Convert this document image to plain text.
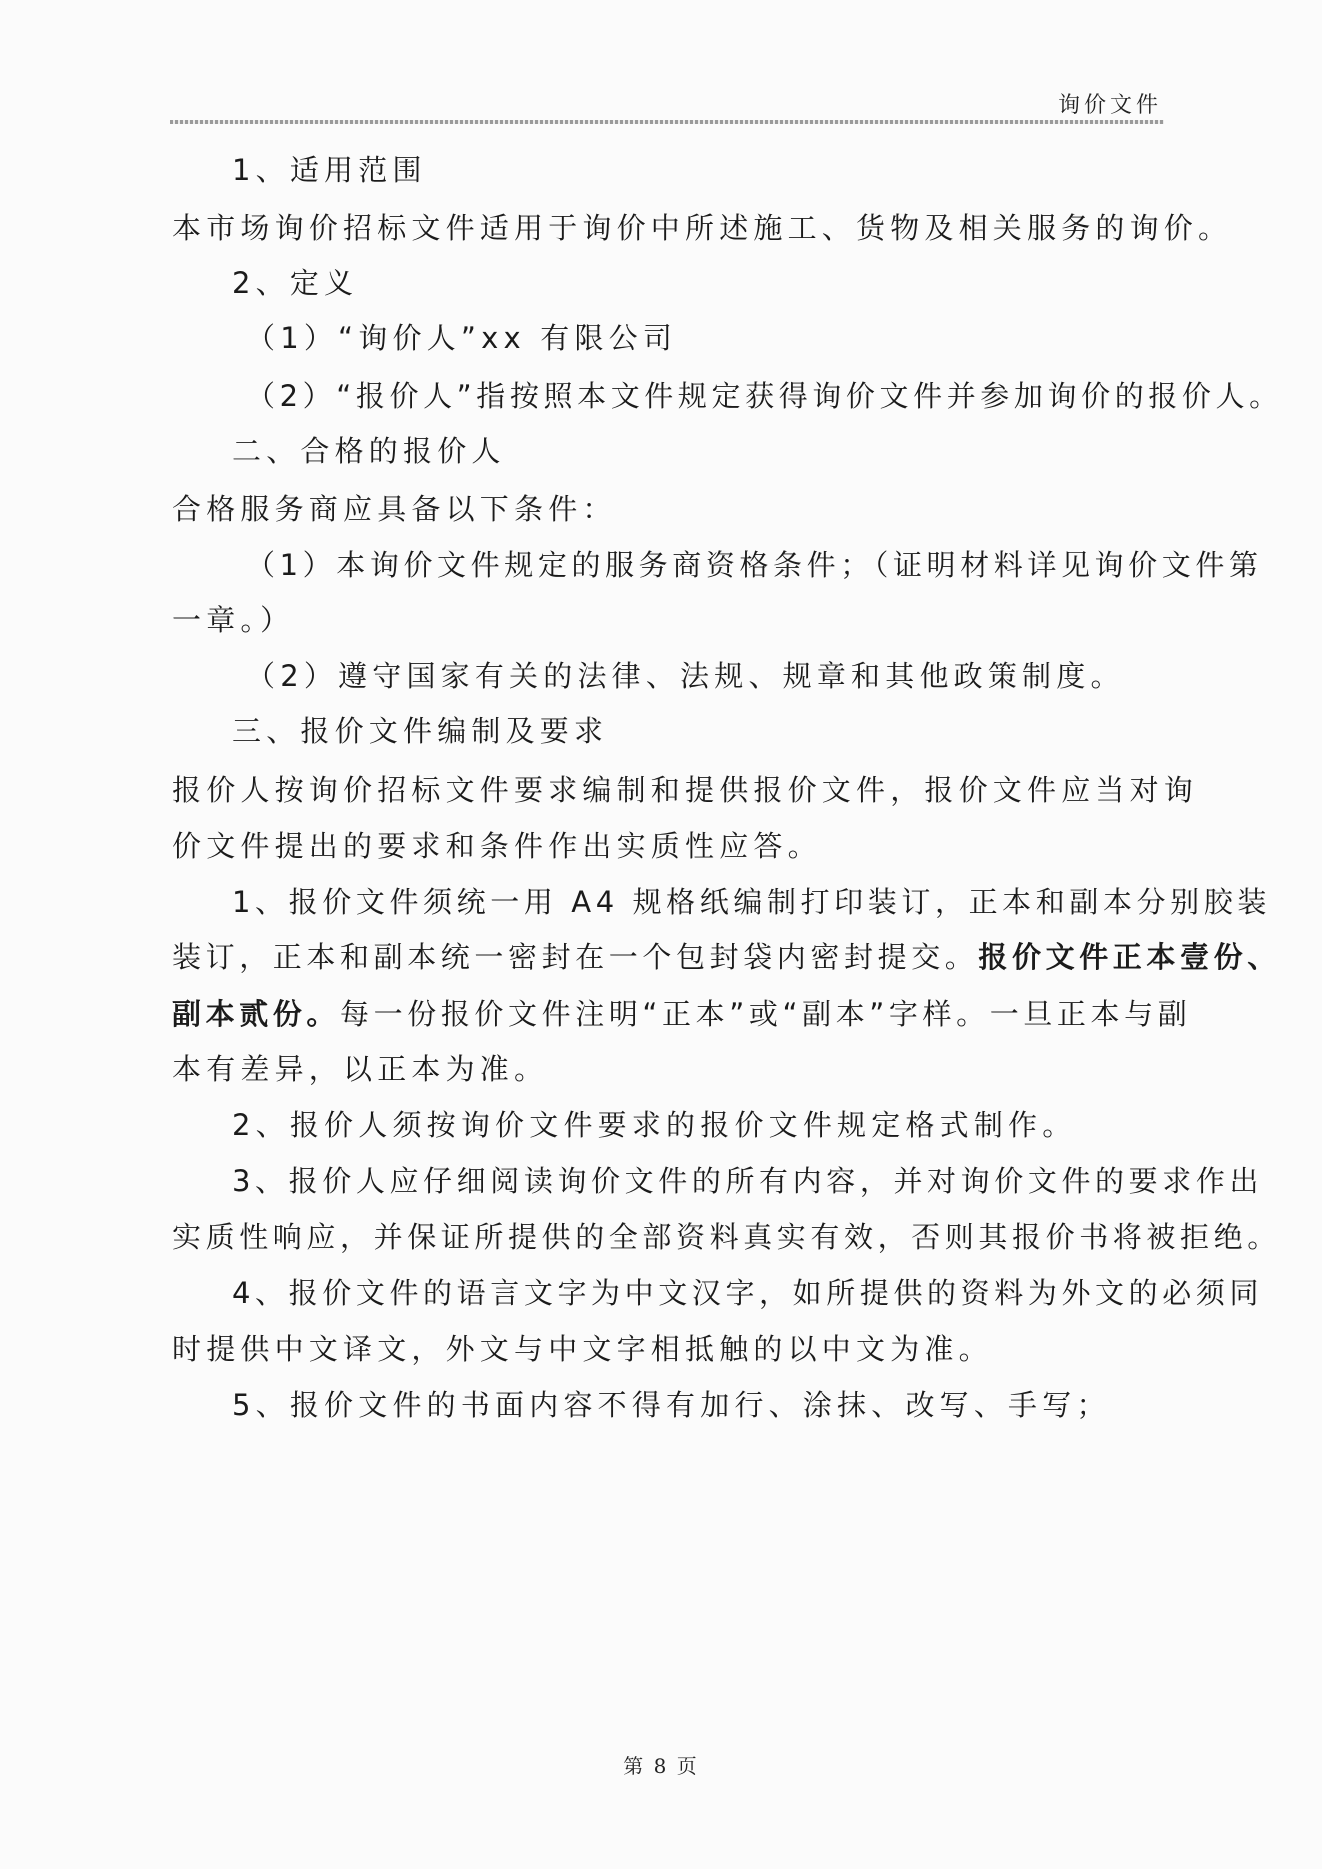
询价文件
1、适用范围
本市场询价招标文件适用于询价中所述施工、货物及相关服务的询价。
2、定义
（1）“询价人”xx 有限公司
（2）“报价人”指按照本文件规定获得询价文件并参加询价的报价人。
二、合格的报价人
合格服务商应具备以下条件：
（1）本询价文件规定的服务商资格条件；（证明材料详见询价文件第
一章。）
（2）遵守国家有关的法律、法规、规章和其他政策制度。
三、报价文件编制及要求
报价人按询价招标文件要求编制和提供报价文件，报价文件应当对询
价文件提出的要求和条件作出实质性应答。
1、报价文件须统一用 A4 规格纸编制打印装订，正本和副本分别胶装
装订，正本和副本统一密封在一个包封袋内密封提交。报价文件正本壹份、
副本贰份。每一份报价文件注明“正本”或“副本”字样。一旦正本与副
本有差异，以正本为准。
2、报价人须按询价文件要求的报价文件规定格式制作。
3、报价人应仔细阅读询价文件的所有内容，并对询价文件的要求作出
实质性响应，并保证所提供的全部资料真实有效，否则其报价书将被拒绝。
4、报价文件的语言文字为中文汉字，如所提供的资料为外文的必须同
时提供中文译文，外文与中文字相抵触的以中文为准。
5、报价文件的书面内容不得有加行、涂抹、改写、手写；
第 8 页
